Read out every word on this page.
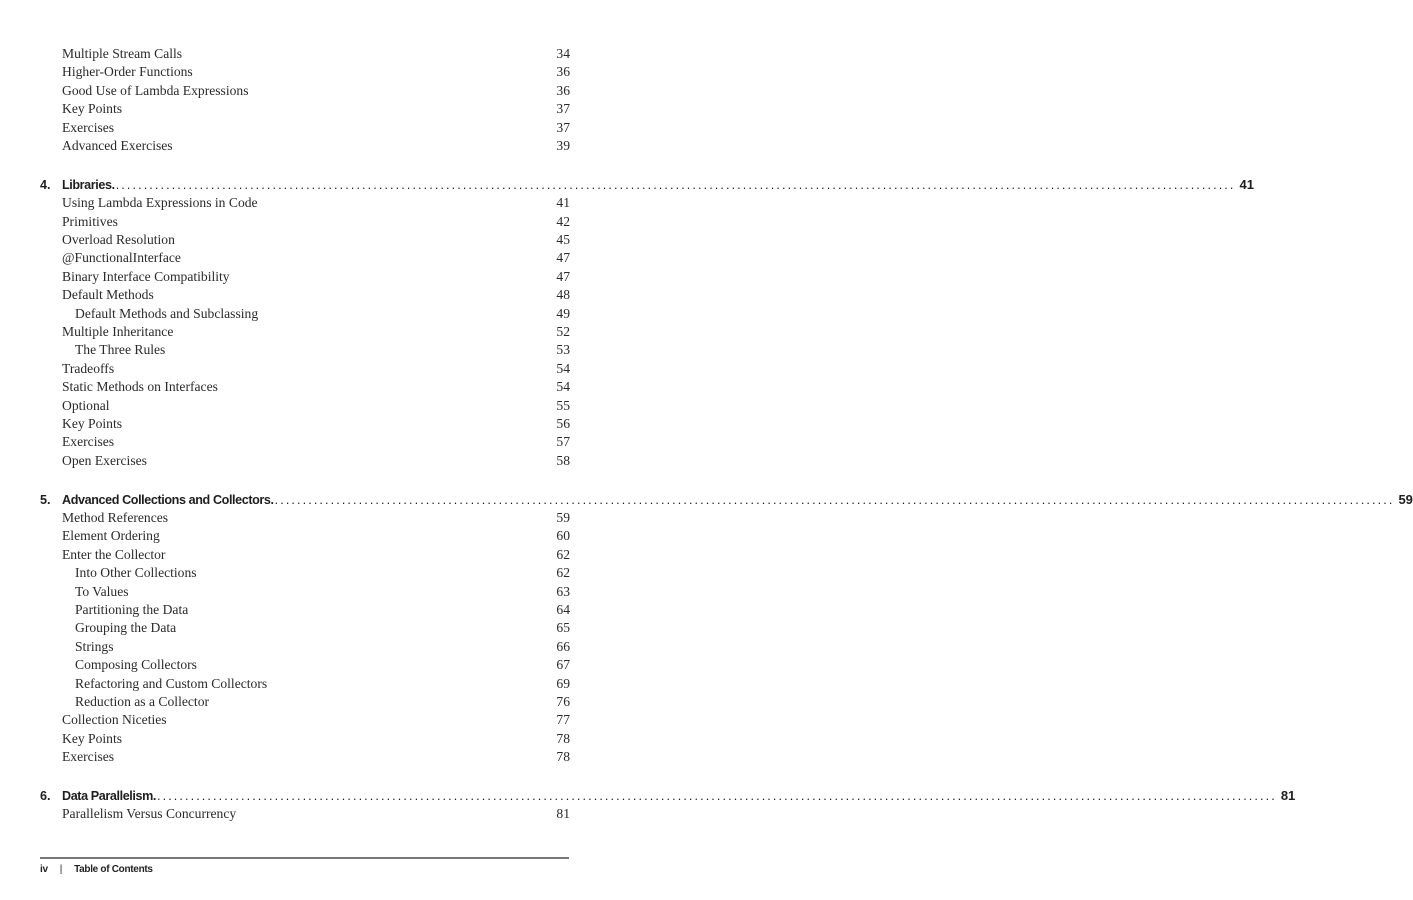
Multiple Stream Calls	34
Higher-Order Functions	36
Good Use of Lambda Expressions	36
Key Points	37
Exercises	37
Advanced Exercises	39
4. Libraries. ........................................................................................................................................................................................................ 41
Using Lambda Expressions in Code	41
Primitives	42
Overload Resolution	45
@FunctionalInterface	47
Binary Interface Compatibility	47
Default Methods	48
Default Methods and Subclassing	49
Multiple Inheritance	52
The Three Rules	53
Tradeoffs	54
Static Methods on Interfaces	54
Optional	55
Key Points	56
Exercises	57
Open Exercises	58
5. Advanced Collections and Collectors. ........................................................................................................................................................................................................ 59
Method References	59
Element Ordering	60
Enter the Collector	62
Into Other Collections	62
To Values	63
Partitioning the Data	64
Grouping the Data	65
Strings	66
Composing Collectors	67
Refactoring and Custom Collectors	69
Reduction as a Collector	76
Collection Niceties	77
Key Points	78
Exercises	78
6. Data Parallelism. ........................................................................................................................................................................................................ 81
Parallelism Versus Concurrency	81
iv | Table of Contents
